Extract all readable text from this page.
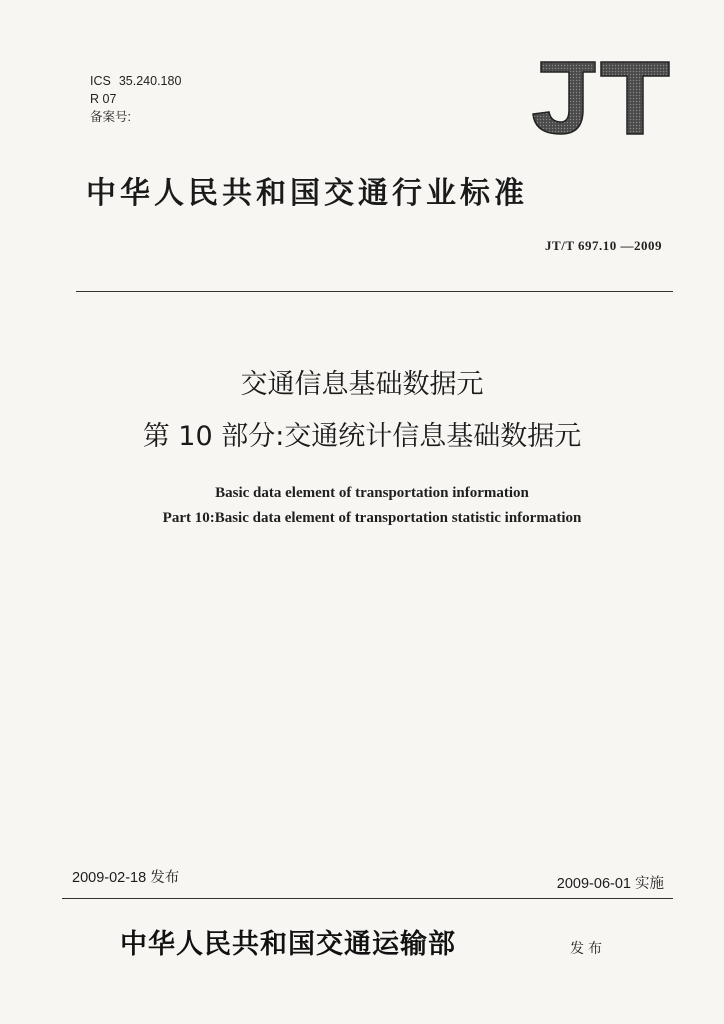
ICS 35.240.180
R 07
备案号:
中华人民共和国交通行业标准
JT/T 697.10 —2009
交通信息基础数据元
第 10 部分:交通统计信息基础数据元
Basic data element of transportation information
Part 10:Basic data element of transportation statistic information
2009-02-18 发布	2009-06-01 实施
中华人民共和国交通运输部	发布
